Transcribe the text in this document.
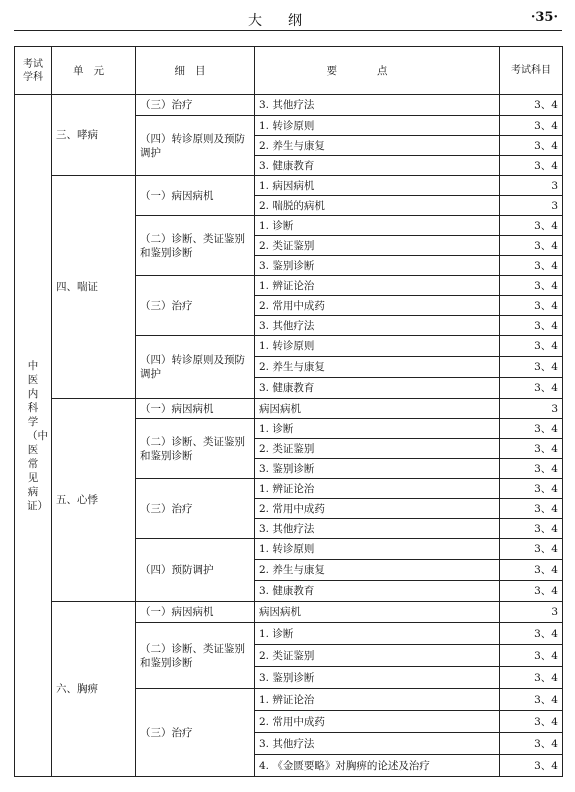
大纲	·35·
考试学科	单元	细目	要点	考试科目
中医内科学（中医常见病证）	三、哮病	（三）治疗	3. 其他疗法	3、4
		（四）转诊原则及预防调护	1. 转诊原则	3、4
			2. 养生与康复	3、4
			3. 健康教育	3、4
	四、喘证	（一）病因病机	1. 病因病机	3
			2. 喘脱的病机	3
		（二）诊断、类证鉴别和鉴别诊断	1. 诊断	3、4
			2. 类证鉴别	3、4
			3. 鉴别诊断	3、4
		（三）治疗	1. 辨证论治	3、4
			2. 常用中成药	3、4
			3. 其他疗法	3、4
		（四）转诊原则及预防调护	1. 转诊原则	3、4
			2. 养生与康复	3、4
			3. 健康教育	3、4
	五、心悸	（一）病因病机	病因病机	3
		（二）诊断、类证鉴别和鉴别诊断	1. 诊断	3、4
			2. 类证鉴别	3、4
			3. 鉴别诊断	3、4
		（三）治疗	1. 辨证论治	3、4
			2. 常用中成药	3、4
			3. 其他疗法	3、4
		（四）预防调护	1. 转诊原则	3、4
			2. 养生与康复	3、4
			3. 健康教育	3、4
	六、胸痹	（一）病因病机	病因病机	3
		（二）诊断、类证鉴别和鉴别诊断	1. 诊断	3、4
			2. 类证鉴别	3、4
			3. 鉴别诊断	3、4
		（三）治疗	1. 辨证论治	3、4
			2. 常用中成药	3、4
			3. 其他疗法	3、4
			4. 《金匮要略》对胸痹的论述及治疗	3、4
